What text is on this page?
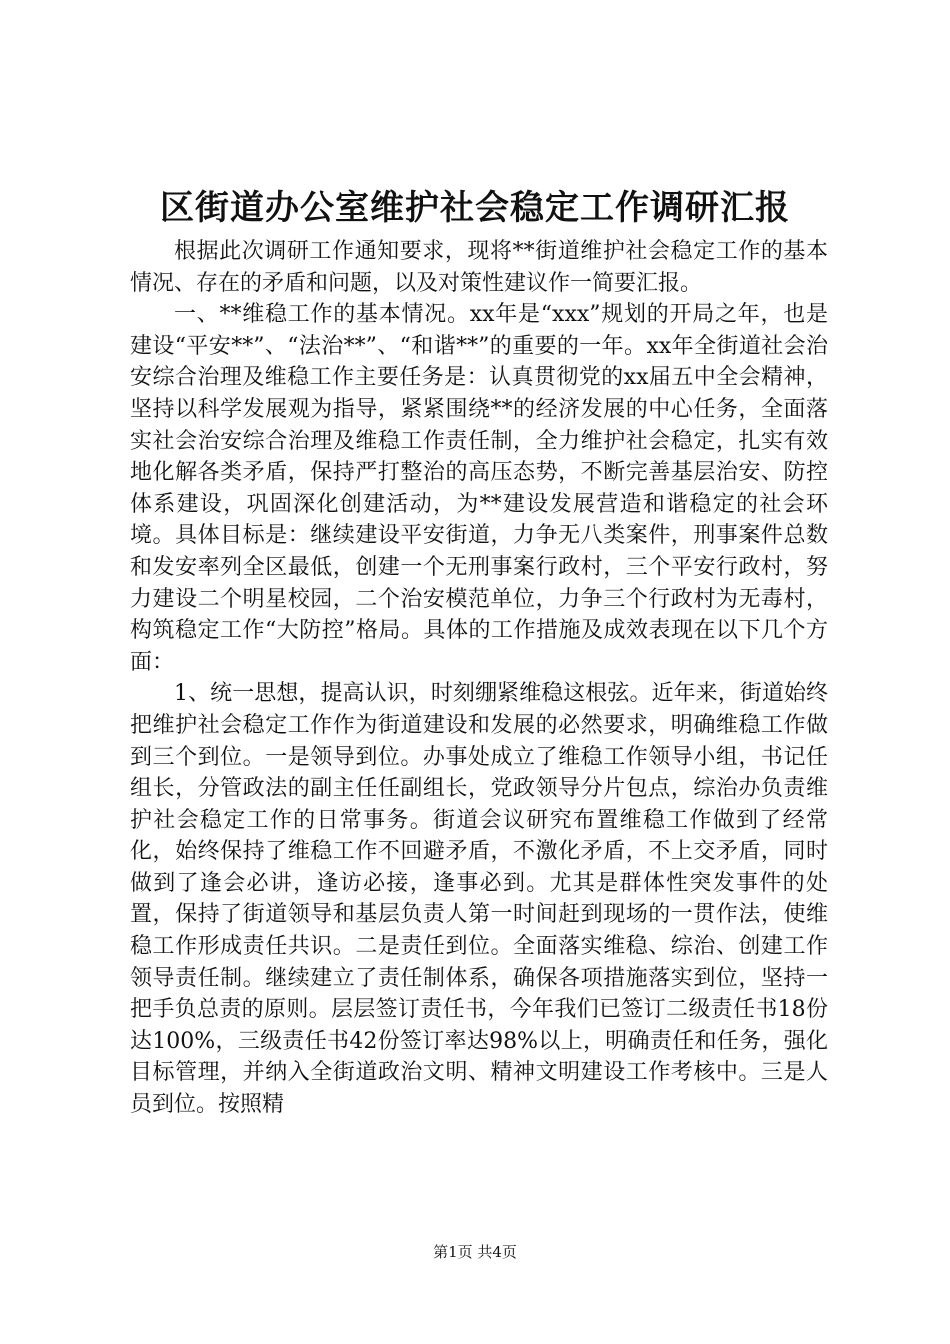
区街道办公室维护社会稳定工作调研汇报

根据此次调研工作通知要求，现将**街道维护社会稳定工作的基本情况、存在的矛盾和问题，以及对策性建议作一简要汇报。

一、**维稳工作的基本情况。xx年是“xxx”规划的开局之年，也是建设“平安**”、“法治**”、“和谐**”的重要的一年。xx年全街道社会治安综合治理及维稳工作主要任务是：认真贯彻党的xx届五中全会精神，坚持以科学发展观为指导，紧紧围绕**的经济发展的中心任务，全面落实社会治安综合治理及维稳工作责任制，全力维护社会稳定，扎实有效地化解各类矛盾，保持严打整治的高压态势，不断完善基层治安、防控体系建设，巩固深化创建活动，为**建设发展营造和谐稳定的社会环境。具体目标是：继续建设平安街道，力争无八类案件，刑事案件总数和发安率列全区最低，创建一个无刑事案行政村，三个平安行政村，努力建设二个明星校园，二个治安模范单位，力争三个行政村为无毒村，构筑稳定工作“大防控”格局。具体的工作措施及成效表现在以下几个方面：

1、统一思想，提高认识，时刻绷紧维稳这根弦。近年来，街道始终把维护社会稳定工作作为街道建设和发展的必然要求，明确维稳工作做到三个到位。一是领导到位。办事处成立了维稳工作领导小组，书记任组长，分管政法的副主任任副组长，党政领导分片包点，综治办负责维护社会稳定工作的日常事务。街道会议研究布置维稳工作做到了经常化，始终保持了维稳工作不回避矛盾，不激化矛盾，不上交矛盾，同时做到了逢会必讲，逢访必接，逢事必到。尤其是群体性突发事件的处置，保持了街道领导和基层负责人第一时间赶到现场的一贯作法，使维稳工作形成责任共识。二是责任到位。全面落实维稳、综治、创建工作领导责任制。继续建立了责任制体系，确保各项措施落实到位，坚持一把手负总责的原则。层层签订责任书，今年我们已签订二级责任书18份达100%，三级责任书42份签订率达98%以上，明确责任和任务，强化目标管理，并纳入全街道政治文明、精神文明建设工作考核中。三是人员到位。按照精

第1页 共4页
